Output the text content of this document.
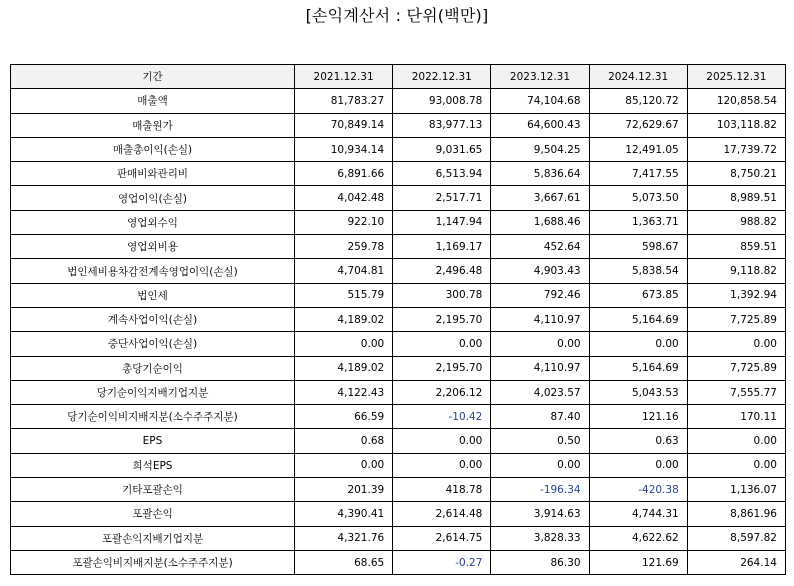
[손익계산서 : 단위(백만)]
기간	2021.12.31	2022.12.31	2023.12.31	2024.12.31	2025.12.31
매출액	81,783.27	93,008.78	74,104.68	85,120.72	120,858.54
매출원가	70,849.14	83,977.13	64,600.43	72,629.67	103,118.82
매출총이익(손실)	10,934.14	9,031.65	9,504.25	12,491.05	17,739.72
판매비와관리비	6,891.66	6,513.94	5,836.64	7,417.55	8,750.21
영업이익(손실)	4,042.48	2,517.71	3,667.61	5,073.50	8,989.51
영업외수익	922.10	1,147.94	1,688.46	1,363.71	988.82
영업외비용	259.78	1,169.17	452.64	598.67	859.51
법인세비용차감전계속영업이익(손실)	4,704.81	2,496.48	4,903.43	5,838.54	9,118.82
법인세	515.79	300.78	792.46	673.85	1,392.94
계속사업이익(손실)	4,189.02	2,195.70	4,110.97	5,164.69	7,725.89
중단사업이익(손실)	0.00	0.00	0.00	0.00	0.00
총당기순이익	4,189.02	2,195.70	4,110.97	5,164.69	7,725.89
당기순이익지배기업지분	4,122.43	2,206.12	4,023.57	5,043.53	7,555.77
당기순이익비지배지분(소수주주지분)	66.59	-10.42	87.40	121.16	170.11
EPS	0.68	0.00	0.50	0.63	0.00
희석EPS	0.00	0.00	0.00	0.00	0.00
기타포괄손익	201.39	418.78	-196.34	-420.38	1,136.07
포괄손익	4,390.41	2,614.48	3,914.63	4,744.31	8,861.96
포괄손익지배기업지분	4,321.76	2,614.75	3,828.33	4,622.62	8,597.82
포괄손익비지배지분(소수주주지분)	68.65	-0.27	86.30	121.69	264.14
